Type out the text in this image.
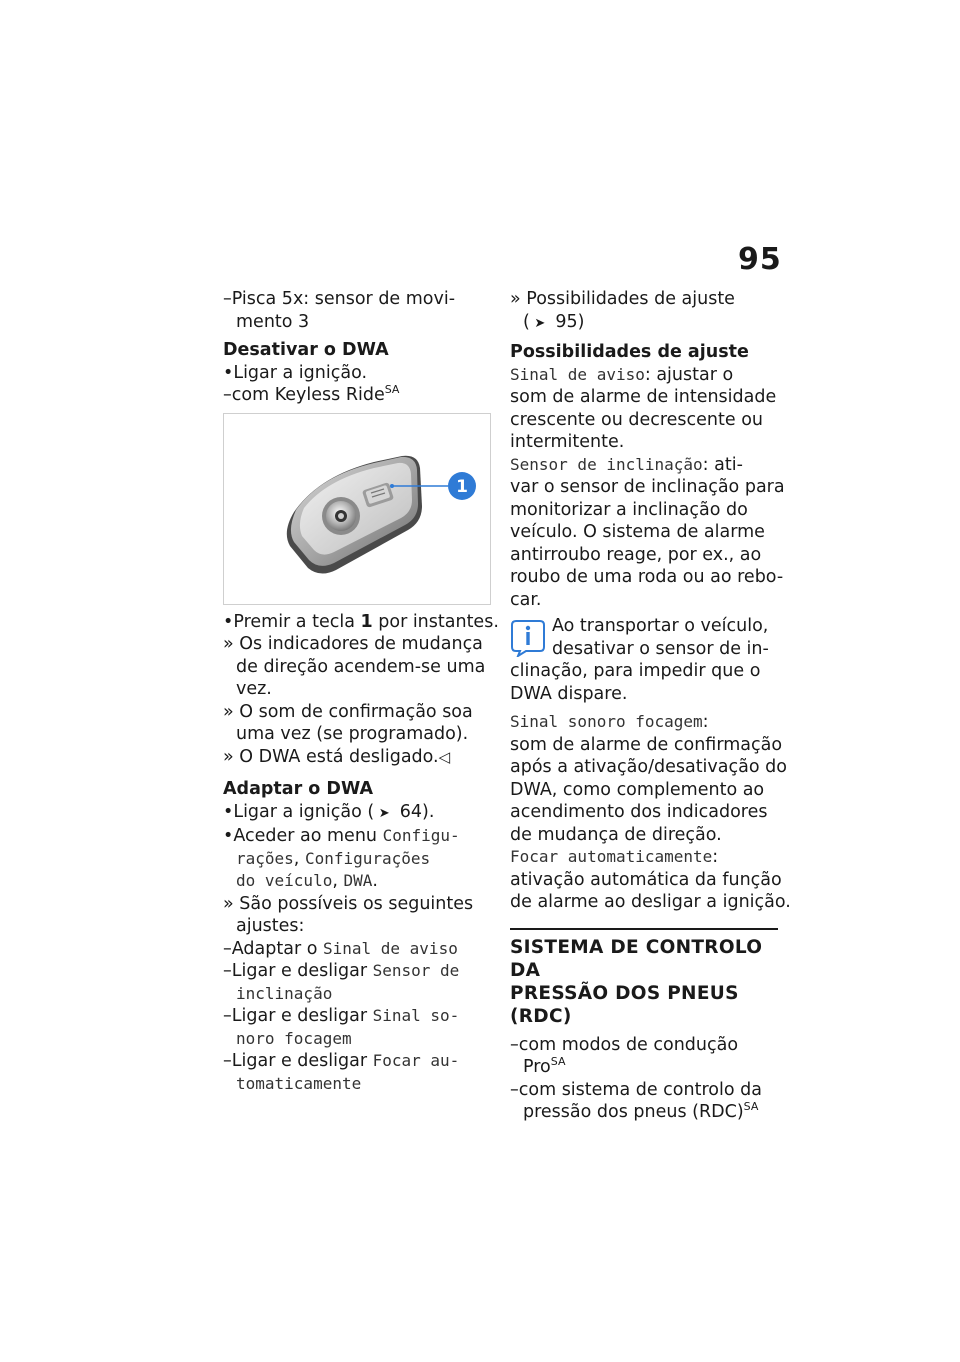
95
–Pisca 5x: sensor de movi-
mento 3
Desativar o DWA
•Ligar a ignição.
–com Keyless Ride$^{SA}$
1
•Premir a tecla 1 por instantes.
» Os indicadores de mudança
de direção acendem-se uma
vez.
» O som de confirmação soa
uma vez (se programado).
» O DWA está desligado.◁
Adaptar o DWA
•Ligar a ignição ( ➤ 64).
•Aceder ao menu Configu-
rações, Configurações
do veículo, DWA.
» São possíveis os seguintes
ajustes:
–Adaptar o Sinal de aviso
–Ligar e desligar Sensor de
inclinação
–Ligar e desligar Sinal so-
noro focagem
–Ligar e desligar Focar au-
tomaticamente
» Possibilidades de ajuste
( ➤ 95)
Possibilidades de ajuste
Sinal de aviso: ajustar o
som de alarme de intensidade
crescente ou decrescente ou
intermitente.
Sensor de inclinação: ati-
var o sensor de inclinação para
monitorizar a inclinação do
veículo. O sistema de alarme
antirroubo reage, por ex., ao
roubo de uma roda ou ao rebo-
car.
Ao transportar o veículo,
desativar o sensor de in-
clinação, para impedir que o
DWA dispare.
Sinal sonoro focagem:
som de alarme de confirmação
após a ativação/desativação do
DWA, como complemento ao
acendimento dos indicadores
de mudança de direção.
Focar automaticamente:
ativação automática da função
de alarme ao desligar a ignição.
SISTEMA DE CONTROLO DA
PRESSÃO DOS PNEUS (RDC)
–com modos de condução
Pro$^{SA}$
–com sistema de controlo da
pressão dos pneus (RDC)$^{SA}$
